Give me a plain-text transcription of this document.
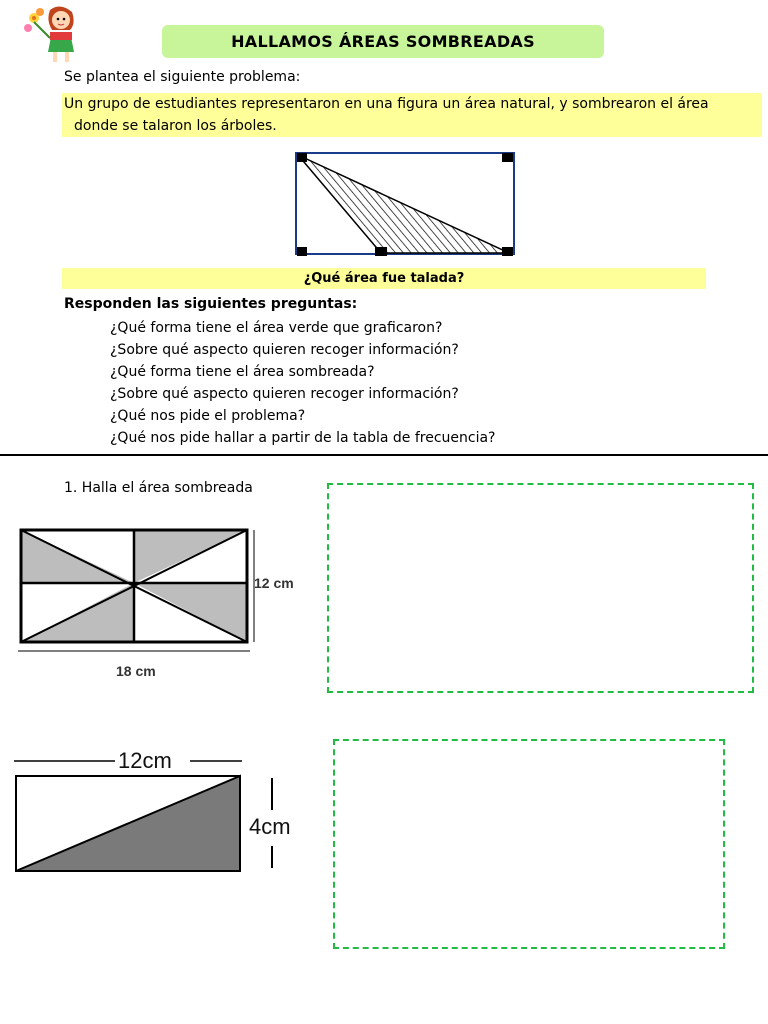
HALLAMOS ÁREAS SOMBREADAS
Se plantea el siguiente problema:
Un grupo de estudiantes representaron en una figura un área natural, y sombrearon el área
donde se talaron los árboles.
¿Qué área fue talada?
Responden las siguientes preguntas:
¿Qué forma tiene el área verde que graficaron?
¿Sobre qué aspecto quieren recoger información?
¿Qué forma tiene el área sombreada?
¿Sobre qué aspecto quieren recoger información?
¿Qué nos pide el problema?
¿Qué nos pide hallar a partir de la tabla de frecuencia?
1. Halla el área sombreada
12 cm
18 cm
12cm
4cm
